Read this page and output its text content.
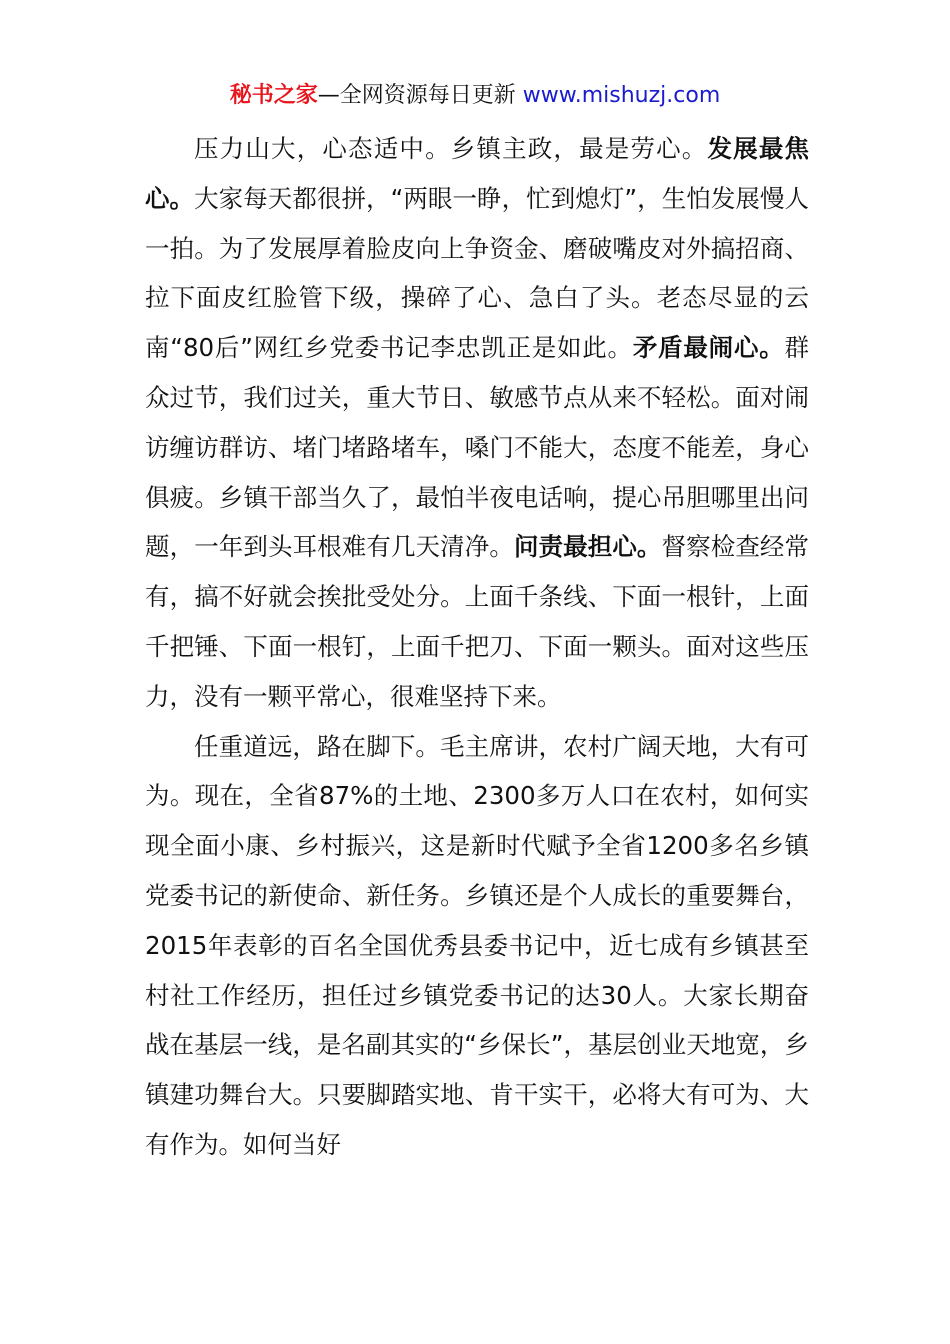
秘书之家—全网资源每日更新 www.mishuzj.com

压力山大，心态适中。乡镇主政，最是劳心。发展最焦心。大家每天都很拼，“两眼一睁，忙到熄灯”，生怕发展慢人一拍。为了发展厚着脸皮向上争资金、磨破嘴皮对外搞招商、拉下面皮红脸管下级，操碎了心、急白了头。老态尽显的云南“80后”网红乡党委书记李忠凯正是如此。矛盾最闹心。群众过节，我们过关，重大节日、敏感节点从来不轻松。面对闹访缠访群访、堵门堵路堵车，嗓门不能大，态度不能差，身心俱疲。乡镇干部当久了，最怕半夜电话响，提心吊胆哪里出问题，一年到头耳根难有几天清净。问责最担心。督察检查经常有，搞不好就会挨批受处分。上面千条线、下面一根针，上面千把锤、下面一根钉，上面千把刀、下面一颗头。面对这些压力，没有一颗平常心，很难坚持下来。

任重道远，路在脚下。毛主席讲，农村广阔天地，大有可为。现在，全省87%的土地、2300多万人口在农村，如何实现全面小康、乡村振兴，这是新时代赋予全省1200多名乡镇党委书记的新使命、新任务。乡镇还是个人成长的重要舞台，2015年表彰的百名全国优秀县委书记中，近七成有乡镇甚至村社工作经历，担任过乡镇党委书记的达30人。大家长期奋战在基层一线，是名副其实的“乡保长”，基层创业天地宽，乡镇建功舞台大。只要脚踏实地、肯干实干，必将大有可为、大有作为。如何当好
